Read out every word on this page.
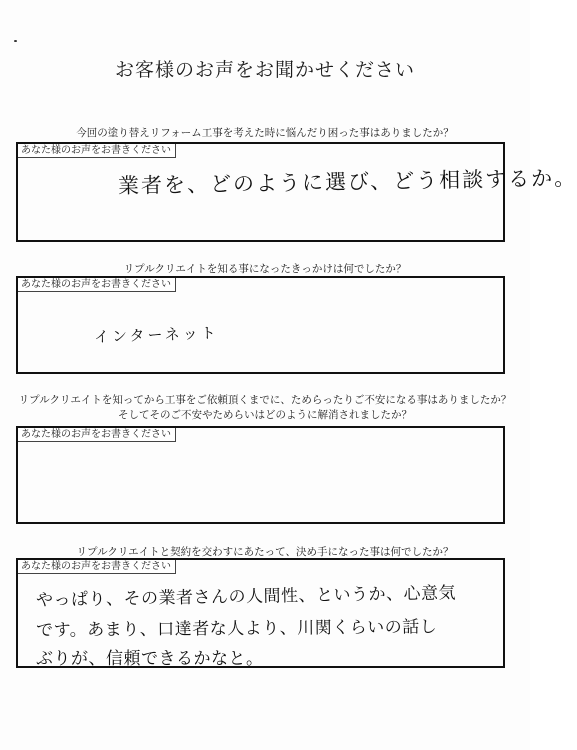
お客様のお声をお聞かせください
今回の塗り替えリフォーム工事を考えた時に悩んだり困った事はありましたか？
あなた様のお声をお書きください
業者を、どのように選び、どう相談するか。
リプルクリエイトを知る事になったきっかけは何でしたか？
あなた様のお声をお書きください
インターネット
リプルクリエイトを知ってから工事をご依頼頂くまでに、ためらったりご不安になる事はありましたか？
そしてそのご不安やためらいはどのように解消されましたか？
あなた様のお声をお書きください
リプルクリエイトと契約を交わすにあたって、決め手になった事は何でしたか？
あなた様のお声をお書きください
やっぱり、その業者さんの人間性、というか、心意気
です。あまり、口達者な人より、川関くらいの話し
ぶりが、信頼できるかなと。
